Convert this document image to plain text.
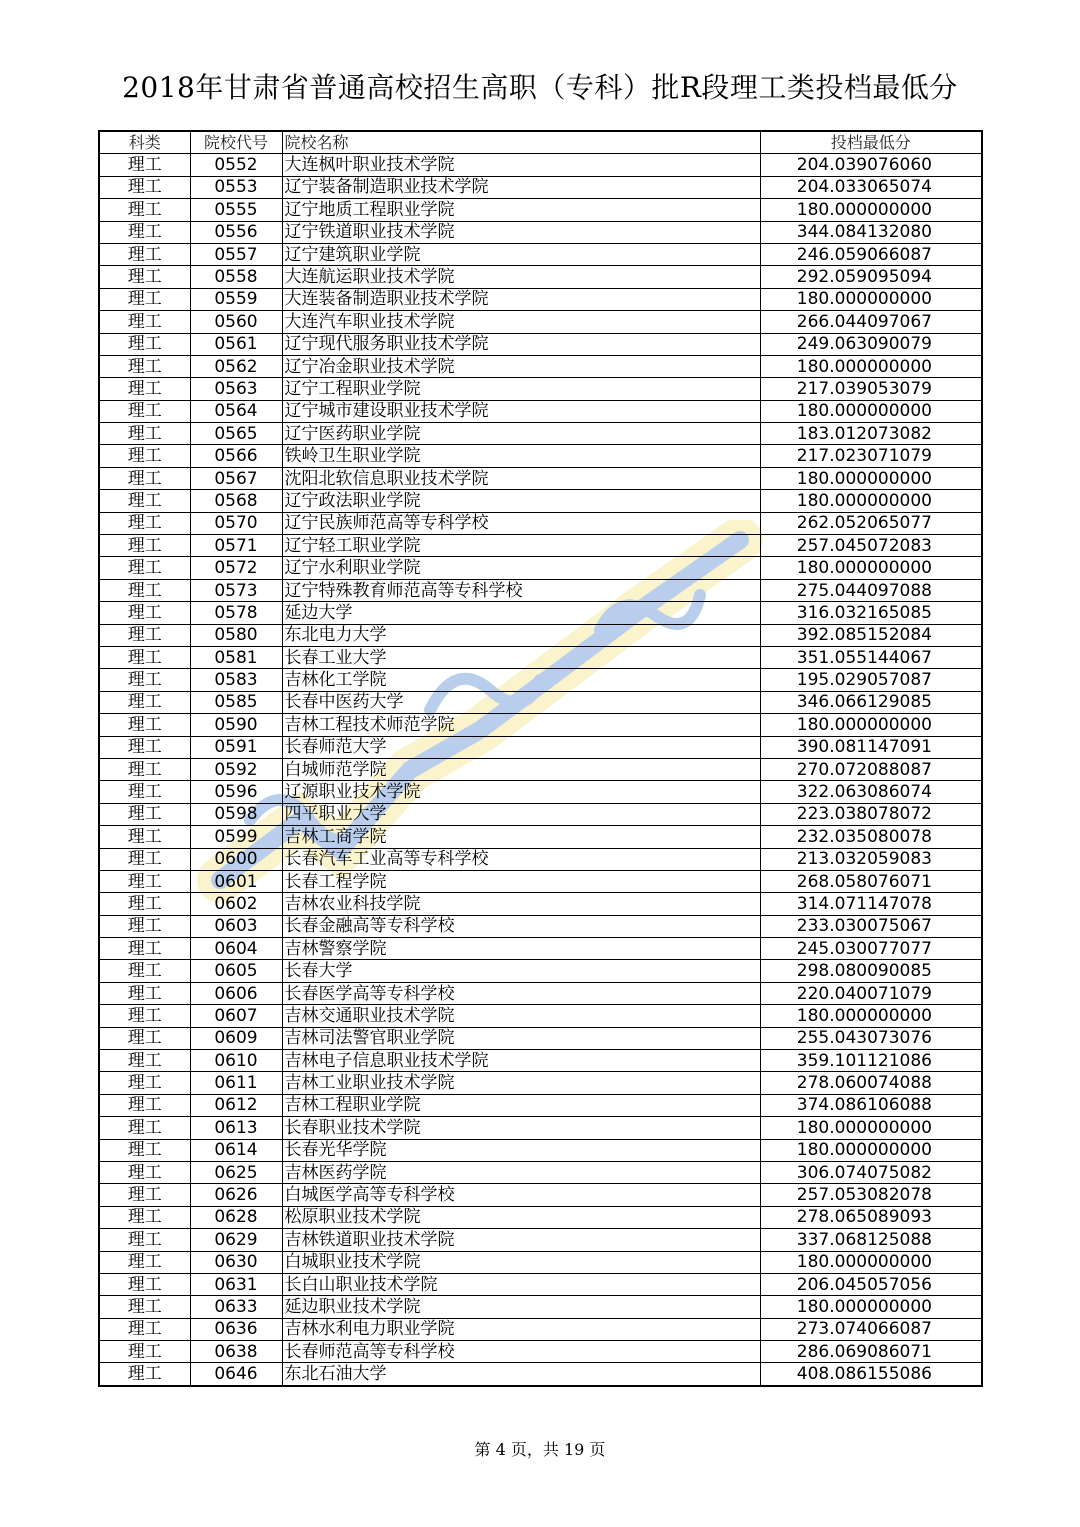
2018年甘肃省普通高校招生高职（专科）批R段理工类投档最低分
科类	院校代号	院校名称	投档最低分
理工	0552	大连枫叶职业技术学院	204.039076060
理工	0553	辽宁装备制造职业技术学院	204.033065074
理工	0555	辽宁地质工程职业学院	180.000000000
理工	0556	辽宁铁道职业技术学院	344.084132080
理工	0557	辽宁建筑职业学院	246.059066087
理工	0558	大连航运职业技术学院	292.059095094
理工	0559	大连装备制造职业技术学院	180.000000000
理工	0560	大连汽车职业技术学院	266.044097067
理工	0561	辽宁现代服务职业技术学院	249.063090079
理工	0562	辽宁冶金职业技术学院	180.000000000
理工	0563	辽宁工程职业学院	217.039053079
理工	0564	辽宁城市建设职业技术学院	180.000000000
理工	0565	辽宁医药职业学院	183.012073082
理工	0566	铁岭卫生职业学院	217.023071079
理工	0567	沈阳北软信息职业技术学院	180.000000000
理工	0568	辽宁政法职业学院	180.000000000
理工	0570	辽宁民族师范高等专科学校	262.052065077
理工	0571	辽宁轻工职业学院	257.045072083
理工	0572	辽宁水利职业学院	180.000000000
理工	0573	辽宁特殊教育师范高等专科学校	275.044097088
理工	0578	延边大学	316.032165085
理工	0580	东北电力大学	392.085152084
理工	0581	长春工业大学	351.055144067
理工	0583	吉林化工学院	195.029057087
理工	0585	长春中医药大学	346.066129085
理工	0590	吉林工程技术师范学院	180.000000000
理工	0591	长春师范大学	390.081147091
理工	0592	白城师范学院	270.072088087
理工	0596	辽源职业技术学院	322.063086074
理工	0598	四平职业大学	223.038078072
理工	0599	吉林工商学院	232.035080078
理工	0600	长春汽车工业高等专科学校	213.032059083
理工	0601	长春工程学院	268.058076071
理工	0602	吉林农业科技学院	314.071147078
理工	0603	长春金融高等专科学校	233.030075067
理工	0604	吉林警察学院	245.030077077
理工	0605	长春大学	298.080090085
理工	0606	长春医学高等专科学校	220.040071079
理工	0607	吉林交通职业技术学院	180.000000000
理工	0609	吉林司法警官职业学院	255.043073076
理工	0610	吉林电子信息职业技术学院	359.101121086
理工	0611	吉林工业职业技术学院	278.060074088
理工	0612	吉林工程职业学院	374.086106088
理工	0613	长春职业技术学院	180.000000000
理工	0614	长春光华学院	180.000000000
理工	0625	吉林医药学院	306.074075082
理工	0626	白城医学高等专科学校	257.053082078
理工	0628	松原职业技术学院	278.065089093
理工	0629	吉林铁道职业技术学院	337.068125088
理工	0630	白城职业技术学院	180.000000000
理工	0631	长白山职业技术学院	206.045057056
理工	0633	延边职业技术学院	180.000000000
理工	0636	吉林水利电力职业学院	273.074066087
理工	0638	长春师范高等专科学校	286.069086071
理工	0646	东北石油大学	408.086155086
第 4 页，共 19 页
